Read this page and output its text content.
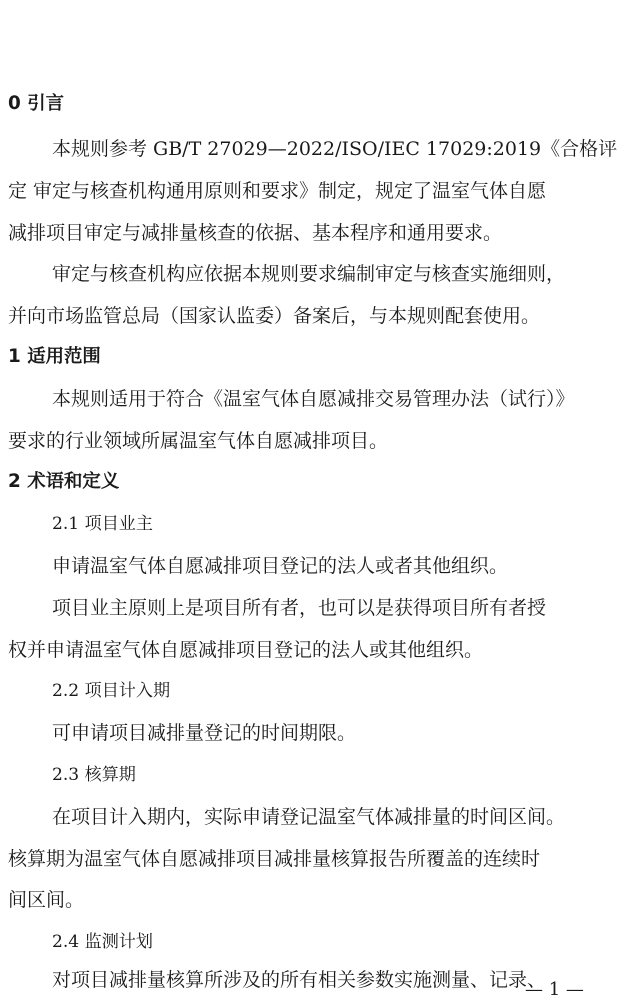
0 引言
本规则参考 GB/T 27029—2022/ISO/IEC 17029:2019《合格评
定 审定与核查机构通用原则和要求》制定，规定了温室气体自愿
减排项目审定与减排量核查的依据、基本程序和通用要求。
审定与核查机构应依据本规则要求编制审定与核查实施细则，
并向市场监管总局（国家认监委）备案后，与本规则配套使用。
1 适用范围
本规则适用于符合《温室气体自愿减排交易管理办法（试行）》
要求的行业领域所属温室气体自愿减排项目。
2 术语和定义
2.1 项目业主
申请温室气体自愿减排项目登记的法人或者其他组织。
项目业主原则上是项目所有者，也可以是获得项目所有者授
权并申请温室气体自愿减排项目登记的法人或其他组织。
2.2 项目计入期
可申请项目减排量登记的时间期限。
2.3 核算期
在项目计入期内，实际申请登记温室气体减排量的时间区间。
核算期为温室气体自愿减排项目减排量核算报告所覆盖的连续时
间区间。
2.4 监测计划
对项目减排量核算所涉及的所有相关参数实施测量、记录、
— 1 —
